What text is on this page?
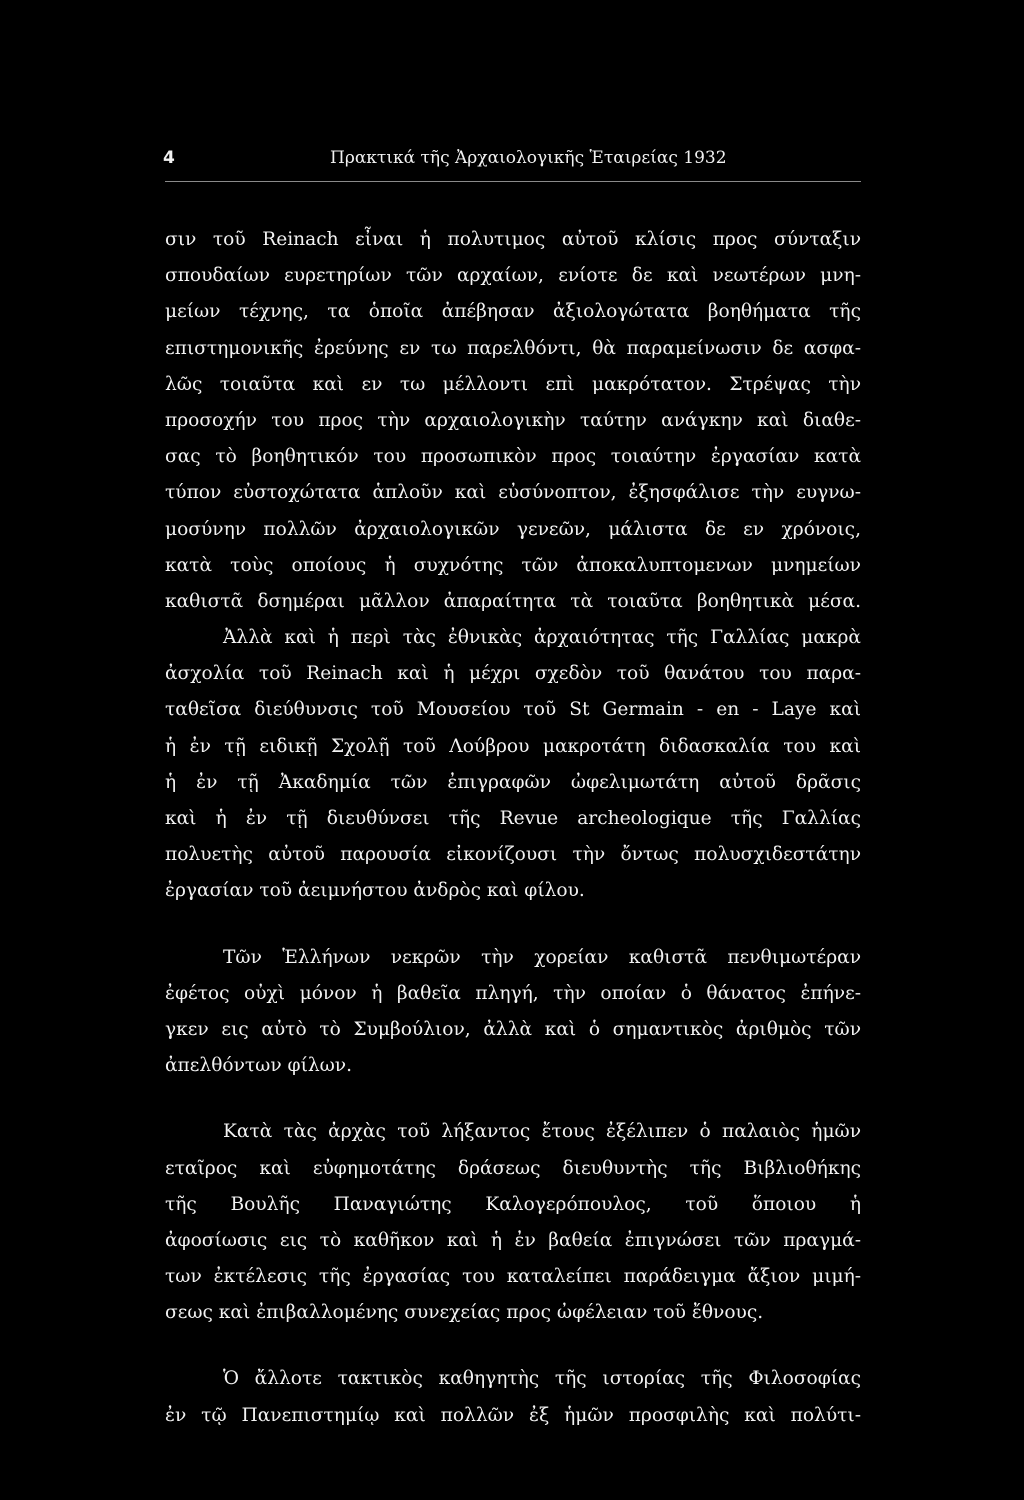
4	Πρακτικά τῆς Ἀρχαιολογικῆς Ἑταιρείας 1932
σιν τοῦ Reinach εἶναι ἡ πολυτιμος αὐτοῦ κλίσις προς σύνταξιν
σπουδαίων ευρετηρίων τῶν αρχαίων, ενίοτε δε καὶ νεωτέρων μνη-
μείων τέχνης, τα ὁποῖα ἀπέβησαν ἀξιολογώτατα βοηθήματα τῆς
επιστημονικῆς ἐρεύνης εν τω παρελθόντι, θὰ παραμείνωσιν δε ασφα-
λῶς τοιαῦτα καὶ εν τω μέλλοντι επὶ μακρότατον. Στρέψας τὴν
προσοχήν του προς τὴν αρχαιολογικὴν ταύτην ανάγκην καὶ διαθε-
σας τὸ βοηθητικόν του προσωπικὸν προς τοιαύτην ἐργασίαν κατὰ
τύπον εὐστοχώτατα ἁπλοῦν καὶ εὐσύνοπτον, ἐξησφάλισε τὴν ευγνω-
μοσύνην πολλῶν ἀρχαιολογικῶν γενεῶν, μάλιστα δε εν χρόνοις,
κατὰ τοὺς οποίους ἡ συχνότης τῶν ἀποκαλυπτομενων μνημείων
καθιστᾶ δσημέραι μᾶλλον ἀπαραίτητα τὰ τοιαῦτα βοηθητικὰ μέσα.
Ἀλλὰ καὶ ἡ περὶ τὰς ἐθνικὰς ἀρχαιότητας τῆς Γαλλίας μακρὰ
ἀσχολία τοῦ Reinach καὶ ἡ μέχρι σχεδὸν τοῦ θανάτου του παρα-
ταθεῖσα διεύθυνσις τοῦ Μουσείου τοῦ St Germain - en - Laye καὶ
ἡ ἐν τῇ ειδικῇ Σχολῇ τοῦ Λούβρου μακροτάτη διδασκαλία του καὶ
ἡ ἐν τῇ Ἀκαδημία τῶν ἐπιγραφῶν ὠφελιμωτάτη αὐτοῦ δρᾶσις
καὶ ἡ ἐν τῇ διευθύνσει τῆς Revue archeologique τῆς Γαλλίας
πολυετὴς αὐτοῦ παρουσία εἰκονίζουσι τὴν ὄντως πολυσχιδεστάτην
ἐργασίαν τοῦ ἀειμνήστου ἀνδρὸς καὶ φίλου.
Τῶν Ἑλλήνων νεκρῶν τὴν χορείαν καθιστᾶ πενθιμωτέραν
ἐφέτος οὐχὶ μόνον ἡ βαθεῖα πληγή, τὴν οποίαν ὁ θάνατος ἐπήνε-
γκεν εις αὐτὸ τὸ Συμβούλιον, ἀλλὰ καὶ ὁ σημαντικὸς ἀριθμὸς τῶν
ἀπελθόντων φίλων.
Κατὰ τὰς ἀρχὰς τοῦ λήξαντος ἔτους ἐξέλιπεν ὁ παλαιὸς ἡμῶν
εταῖρος καὶ εὐφημοτάτης δράσεως διευθυντὴς τῆς Βιβλιοθήκης
τῆς Βουλῆς Παναγιώτης Καλογερόπουλος, τοῦ ὅποιου ἡ
ἀφοσίωσις εις τὸ καθῆκον καὶ ἡ ἐν βαθεία ἐπιγνώσει τῶν πραγμά-
των ἐκτέλεσις τῆς ἐργασίας του καταλείπει παράδειγμα ἄξιον μιμή-
σεως καὶ ἐπιβαλλομένης συνεχείας προς ὠφέλειαν τοῦ ἔθνους.
Ὁ ἄλλοτε τακτικὸς καθηγητὴς τῆς ιστορίας τῆς Φιλοσοφίας
ἐν τῷ Πανεπιστημίῳ καὶ πολλῶν ἐξ ἡμῶν προσφιλὴς καὶ πολύτι-
